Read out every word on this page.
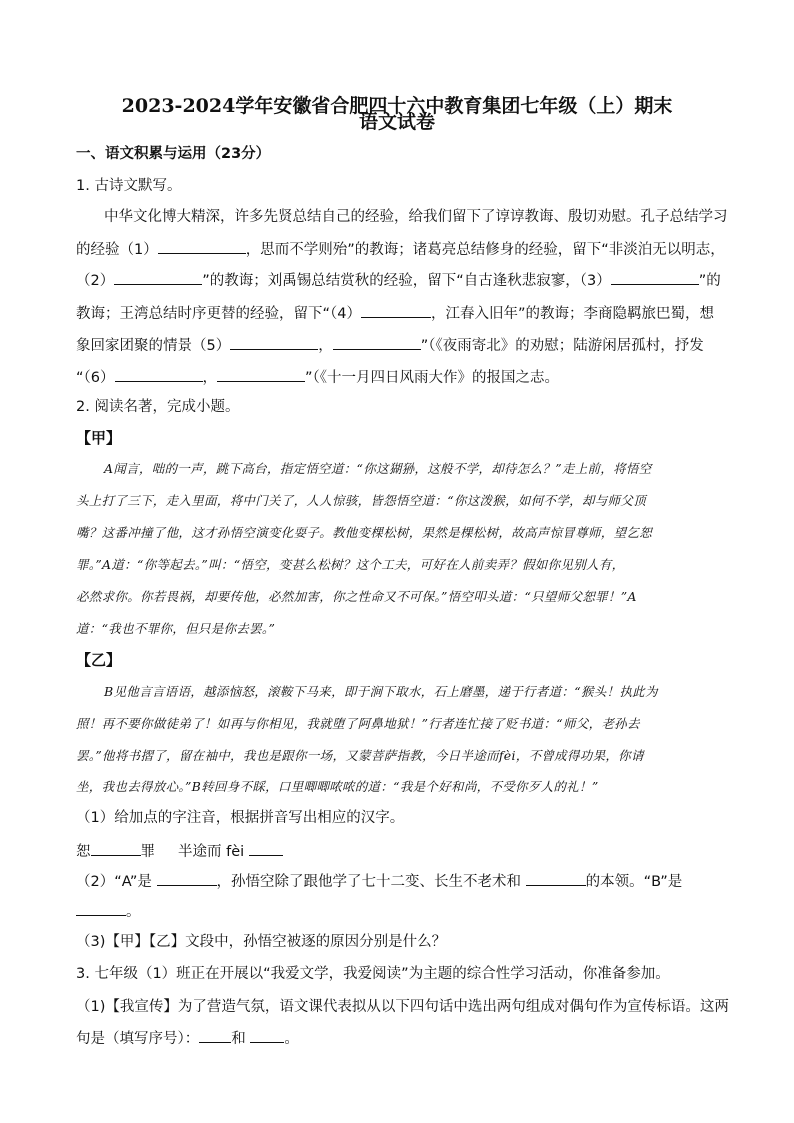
2023-2024学年安徽省合肥四十六中教育集团七年级（上）期末

语文试卷

一、语文积累与运用（23分）

1. 古诗文默写。

中华文化博大精深，许多先贤总结自己的经验，给我们留下了谆谆教诲、殷切劝慰。孔子总结学习

的经验（1）	，思而不学则殆”的教诲；诸葛亮总结修身的经验，留下“非淡泊无以明志，

（2）	”的教诲；刘禹锡总结赏秋的经验，留下“自古逢秋悲寂寥，（3）	”的

教诲；王湾总结时序更替的经验，留下“（4）	，江春入旧年”的教诲；李商隐羁旅巴蜀，想

象回家团聚的情景（5）	，	”（《夜雨寄北》的劝慰；陆游闲居孤村，抒发

“（6）	，	”（《十一月四日风雨大作》的报国之志。

2. 阅读名著，完成小题。

【甲】

A闻言，咄的一声，跳下高台，指定悟空道：“你这猢狲，这般不学，却待怎么？”走上前，将悟空

头上打了三下，走入里面，将中门关了，人人惊骇，皆怨悟空道：“你这泼猴，如何不学，却与师父顶

嘴？这番冲撞了他，这才孙悟空演变化耍子。教他变棵松树，果然是棵松树，故高声惊冒尊师，望乞恕

罪。”A道：“你等起去。”叫：“悟空，变甚么松树？这个工夫，可好在人前卖弄？假如你见别人有，

必然求你。你若畏祸，却要传他，必然加害，你之性命又不可保。”悟空叩头道：“只望师父恕罪！”A

道：“我也不罪你，但只是你去罢。”

【乙】

B见他言言语语，越添恼怒，滚鞍下马来，即于涧下取水，石上磨墨，递于行者道：“猴头！执此为

照！再不要你做徒弟了！如再与你相见，我就堕了阿鼻地狱！”行者连忙接了贬书道：“师父，老孙去

罢。”他将书摺了，留在袖中，我也是跟你一场，又蒙菩萨指教，今日半途而fèi，不曾成得功果，你请

坐，我也去得放心。”B转回身不睬，口里唧唧哝哝的道：“我是个好和尚，不受你歹人的礼！”

（1）给加点的字注音，根据拼音写出相应的汉字。

恕	罪 半途而 fèi

（2）“A”是	，孙悟空除了跟他学了七十二变、长生不老术和	的本领。“B”是

。

（3)【甲】【乙】文段中，孙悟空被逐的原因分别是什么？

3. 七年级（1）班正在开展以“我爱文学，我爱阅读”为主题的综合性学习活动，你准备参加。

（1)【我宣传】为了营造气氛，语文课代表拟从以下四句话中选出两句组成对偶句作为宣传标语。这两

句是（填写序号）： 和	。
